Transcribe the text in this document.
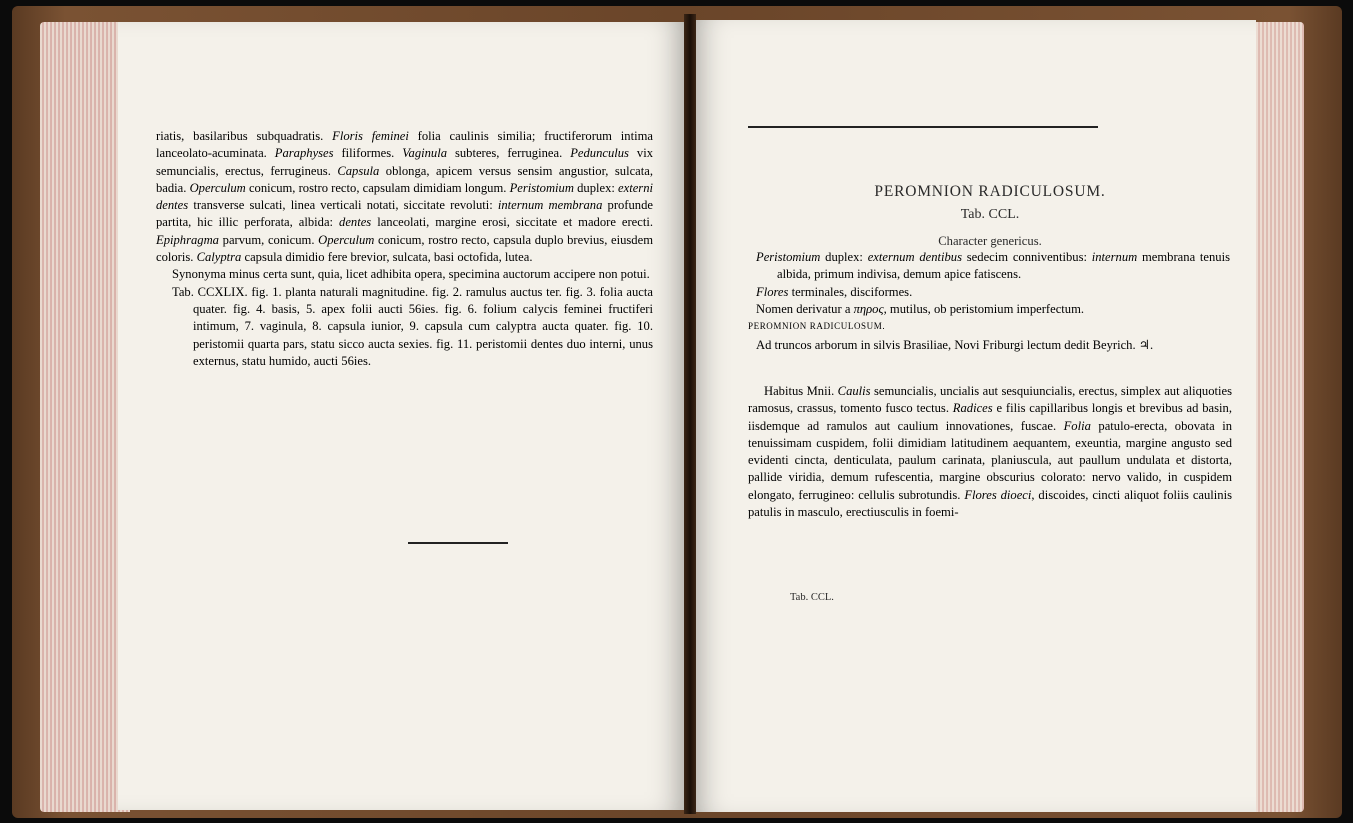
riatis, basilaribus subquadratis. Floris feminei folia caulinis similia; fructiferorum intima lanceolato-acuminata. Paraphyses filiformes. Vaginula subteres, ferruginea. Pedunculus vix semuncialis, erectus, ferrugineus. Capsula oblonga, apicem versus sensim angustior, sulcata, badia. Operculum conicum, rostro recto, capsulam dimidiam longum. Peristomium duplex: externi dentes transverse sulcati, linea verticali notati, siccitate revoluti: internum membrana profunde partita, hic illic perforata, albida: dentes lanceolati, margine erosi, siccitate et madore erecti. Epiphragma parvum, conicum. Operculum conicum, rostro recto, capsula duplo brevius, eiusdem coloris. Calyptra capsula dimidio fere brevior, sulcata, basi octofida, lutea.

Synonyma minus certa sunt, quia, licet adhibita opera, specimina auctorum accipere non potui.

Tab. CCXLIX. fig. 1. planta naturali magnitudine. fig. 2. ramulus auctus ter. fig. 3. folia aucta quater. fig. 4. basis, 5. apex folii aucti 56ies. fig. 6. folium calycis feminei fructiferi intimum, 7. vaginula, 8. capsula iunior, 9. capsula cum calyptra aucta quater. fig. 10. peristomii quarta pars, statu sicco aucta sexies. fig. 11. peristomii dentes duo interni, unus externus, statu humido, aucti 56ies.

PEROMNION RADICULOSUM.
Tab. CCL.
Character genericus.

Peristomium duplex: externum dentibus sedecim conniventibus: internum membrana tenuis albida, primum indivisa, demum apice fatiscens.

Flores terminales, disciformes.

Nomen derivatur a πηρος, mutilus, ob peristomium imperfectum.

PEROMNION RADICULOSUM.

Ad truncos arborum in silvis Brasiliae, Novi Friburgi lectum dedit Beyrich. ♃.

Habitus Mnii. Caulis semuncialis, uncialis aut sesquiuncialis, erectus, simplex aut aliquoties ramosus, crassus, tomento fusco tectus. Radices e filis capillaribus longis et brevibus ad basin, iisdemque ad ramulos aut caulium innovationes, fuscae. Folia patulo-erecta, obovata in tenuissimam cuspidem, folii dimidiam latitudinem aequantem, exeuntia, margine angusto sed evidenti cincta, denticulata, paulum carinata, planiuscula, aut paullum undulata et distorta, pallide viridia, demum rufescentia, margine obscurius colorato: nervo valido, in cuspidem elongato, ferrugineo: cellulis subrotundis. Flores dioeci, discoides, cincti aliquot foliis caulinis patulis in masculo, erectiusculis in foemi-

Tab. CCL.
